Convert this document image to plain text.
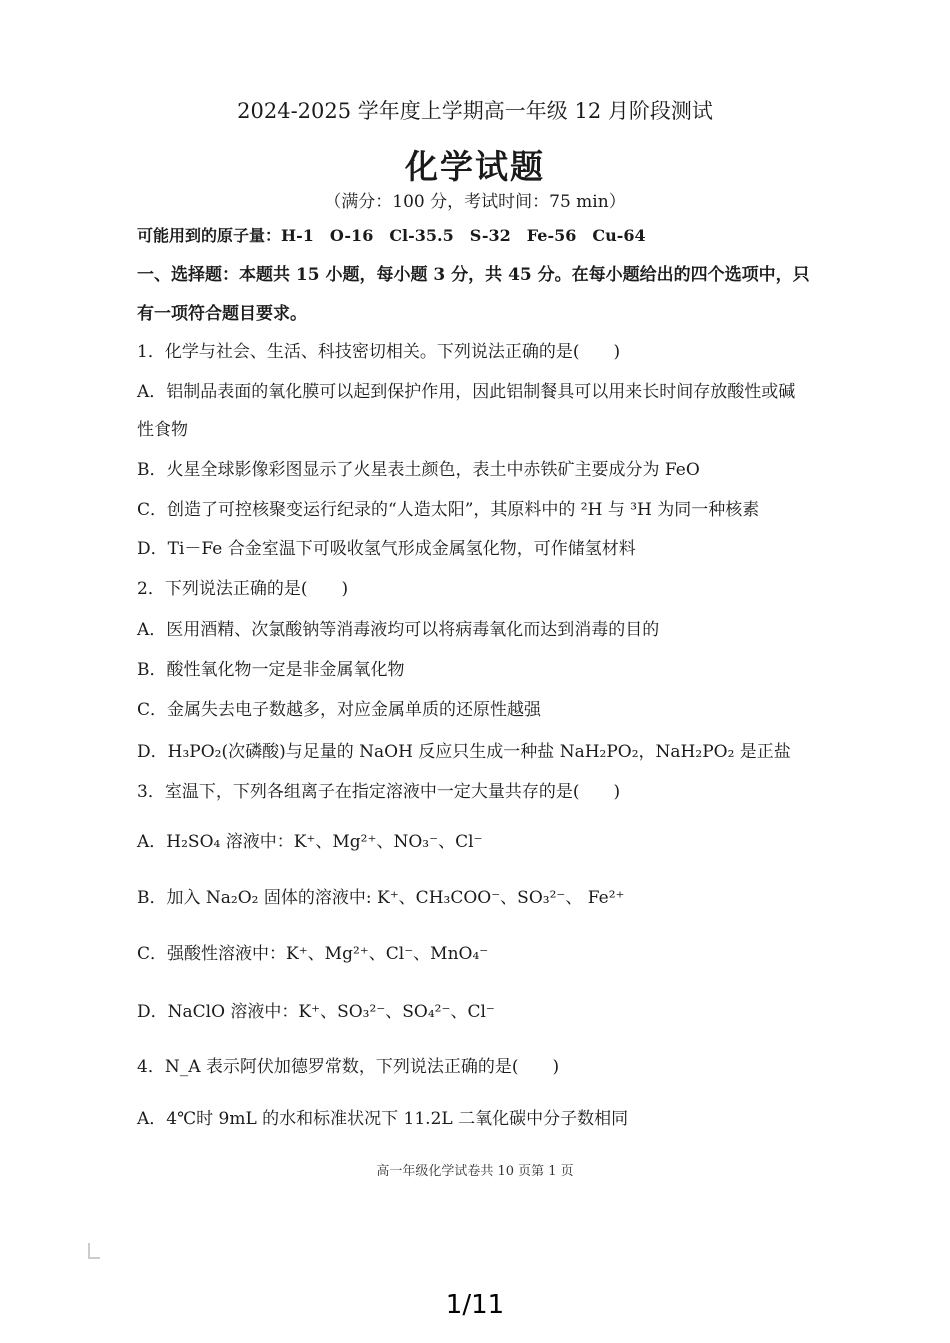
2024-2025 学年度上学期高一年级 12 月阶段测试
化学试题
（满分：100 分，考试时间：75 min）
可能用到的原子量：H-1　O-16　Cl-35.5　S-32　Fe-56　Cu-64
一、选择题：本题共 15 小题，每小题 3 分，共 45 分。在每小题给出的四个选项中，只
有一项符合题目要求。
1．化学与社会、生活、科技密切相关。下列说法正确的是(　　)
A．铝制品表面的氧化膜可以起到保护作用，因此铝制餐具可以用来长时间存放酸性或碱
性食物
B．火星全球影像彩图显示了火星表土颜色，表土中赤铁矿主要成分为 FeO
C．创造了可控核聚变运行纪录的“人造太阳”，其原料中的 ²H 与 ³H 为同一种核素
D．Ti－Fe 合金室温下可吸收氢气形成金属氢化物，可作储氢材料
2．下列说法正确的是(　　)
A．医用酒精、次氯酸钠等消毒液均可以将病毒氧化而达到消毒的目的
B．酸性氧化物一定是非金属氧化物
C．金属失去电子数越多，对应金属单质的还原性越强
D．H₃PO₂(次磷酸)与足量的 NaOH 反应只生成一种盐 NaH₂PO₂，NaH₂PO₂ 是正盐
3．室温下，下列各组离子在指定溶液中一定大量共存的是(　　)
A．H₂SO₄ 溶液中：K⁺、Mg²⁺、NO₃⁻、Cl⁻
B．加入 Na₂O₂ 固体的溶液中: K⁺、CH₃COO⁻、SO₃²⁻、 Fe²⁺
C．强酸性溶液中：K⁺、Mg²⁺、Cl⁻、MnO₄⁻
D．NaClO 溶液中：K⁺、SO₃²⁻、SO₄²⁻、Cl⁻
4．N_A 表示阿伏加德罗常数，下列说法正确的是(　　)
A．4℃时 9mL 的水和标准状况下 11.2L 二氧化碳中分子数相同
高一年级化学试卷共 10 页第 1 页
1/11
